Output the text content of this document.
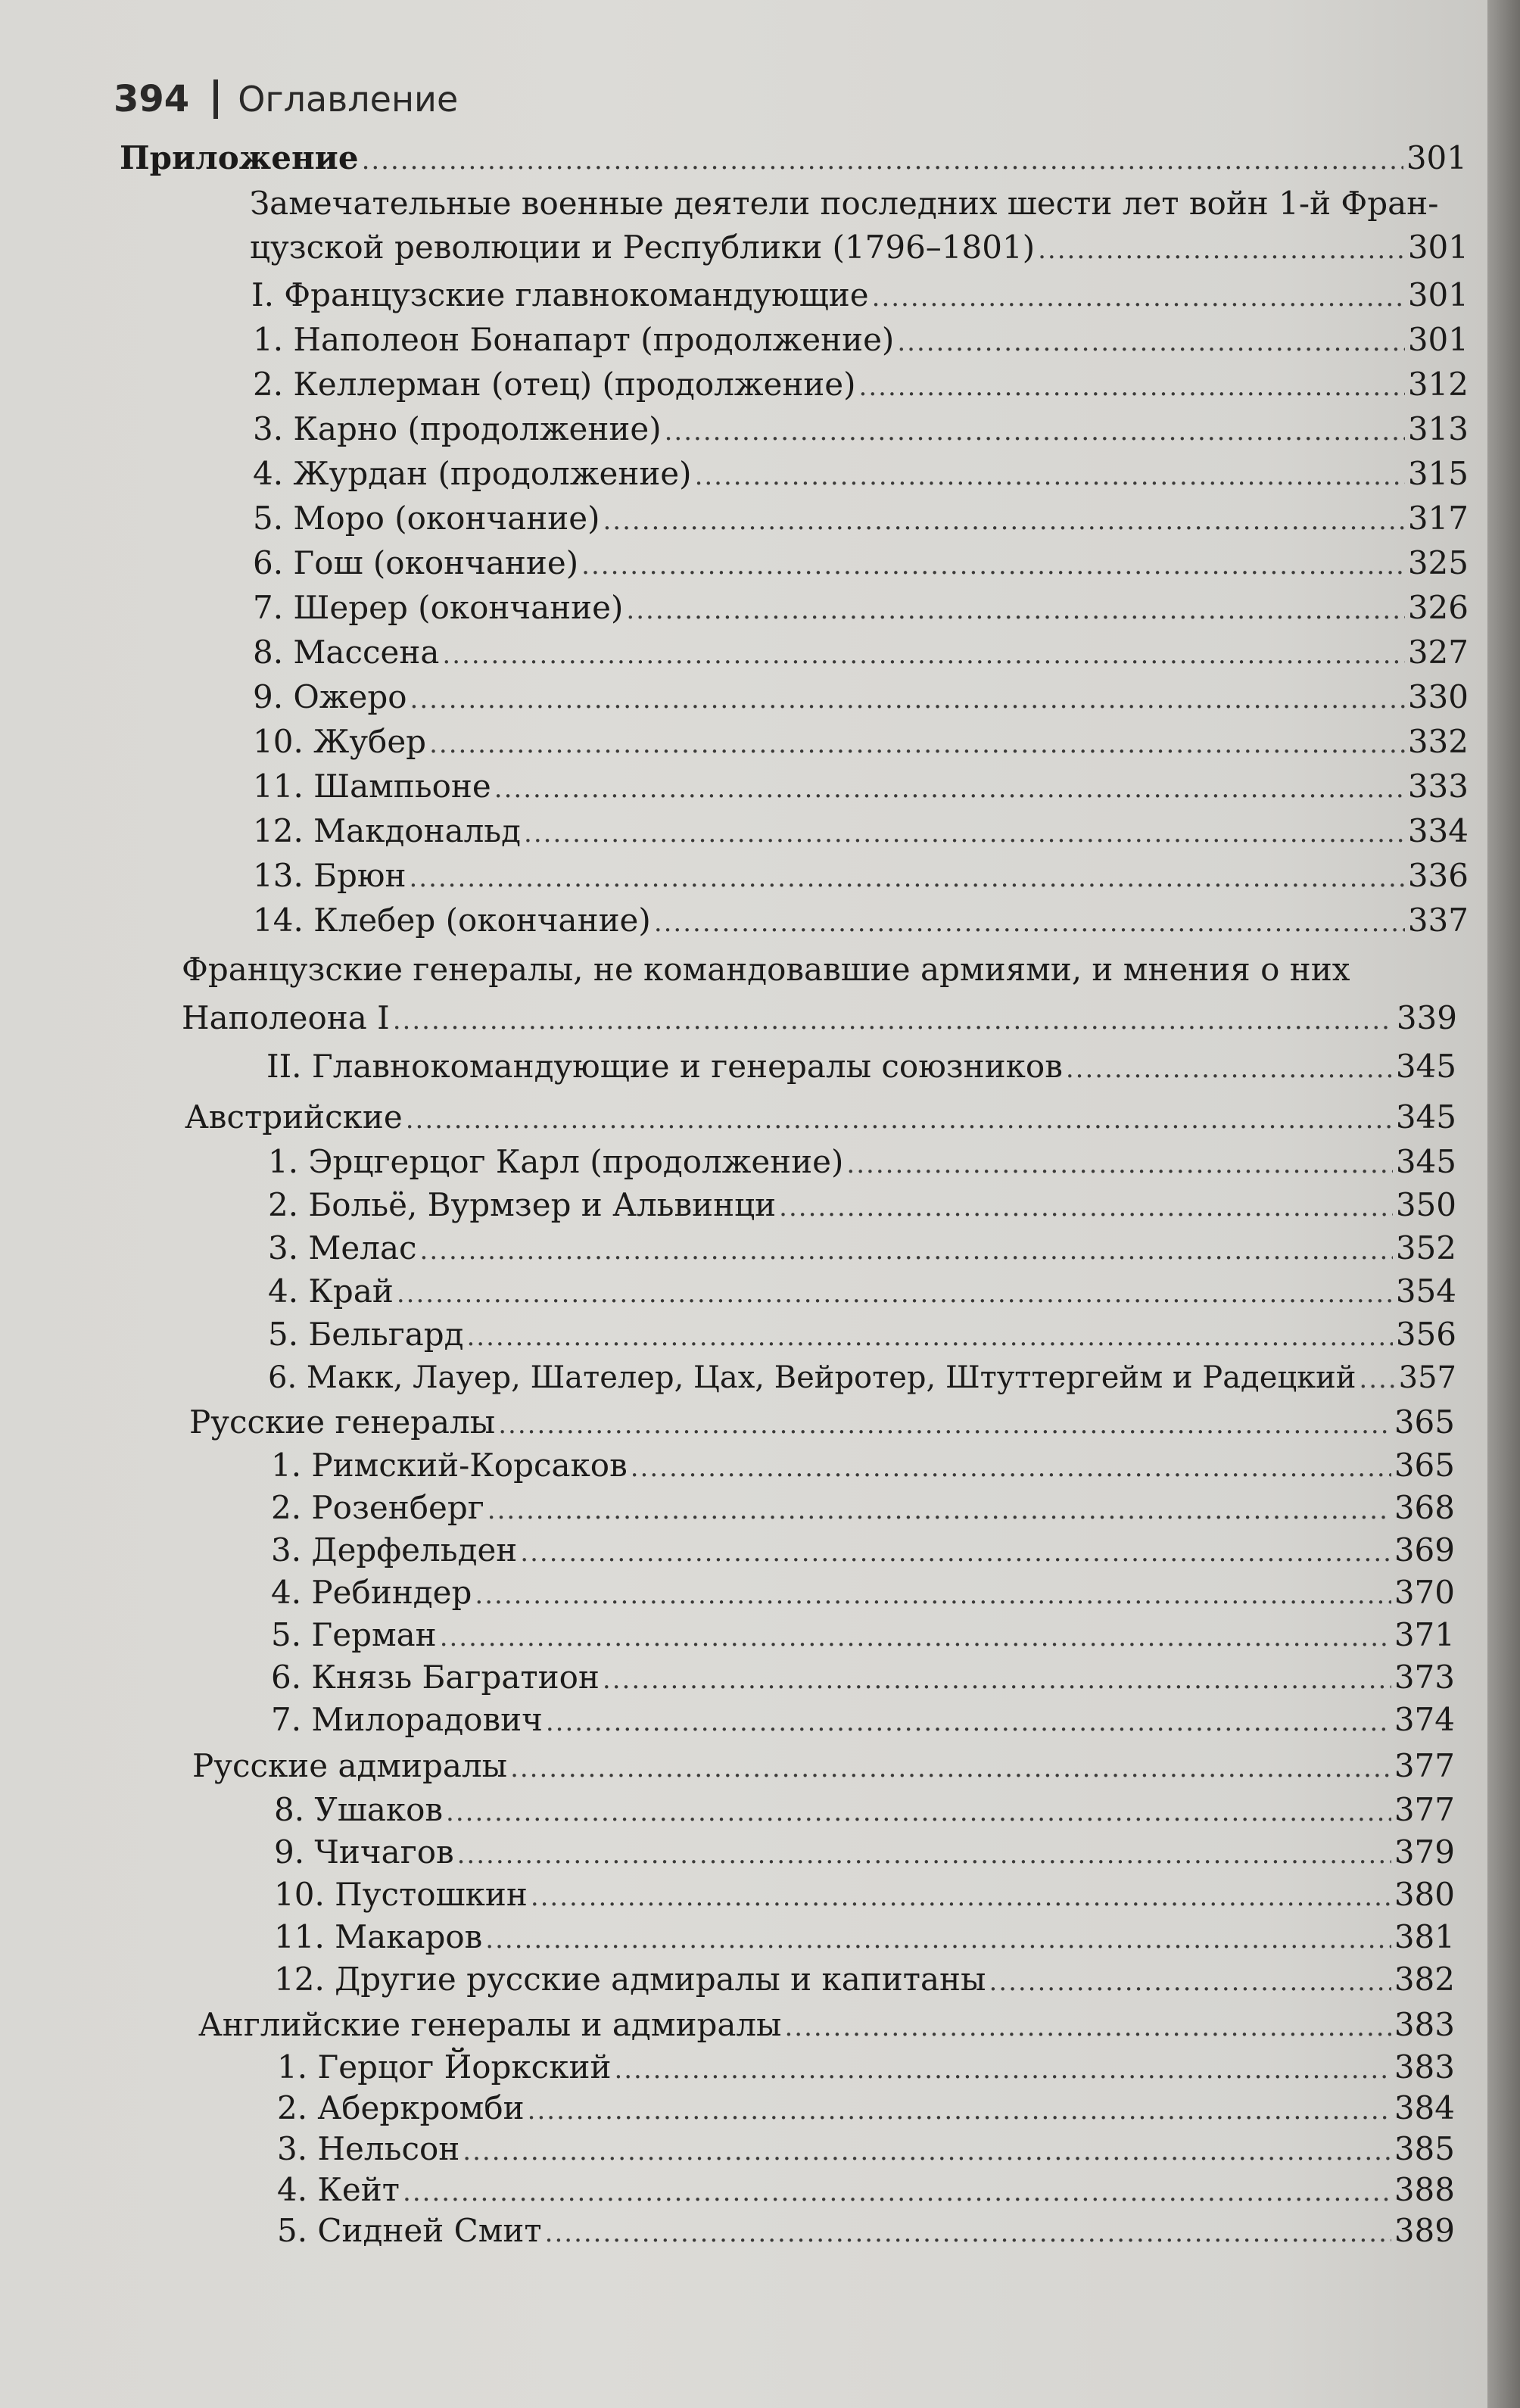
394 Оглавление
Приложение .....	301
Замечательные военные деятели последних шести лет войн 1-й Фран-
цузской революции и Республики (1796–1801) .....	301
I. Французские главнокомандующие .....	301
1. Наполеон Бонапарт (продолжение) .....	301
2. Келлерман (отец) (продолжение) .....	312
3. Карно (продолжение) .....	313
4. Журдан (продолжение) .....	315
5. Моро (окончание) .....	317
6. Гош (окончание) .....	325
7. Шерер (окончание) .....	326
8. Массена .....	327
9. Ожеро .....	330
10. Жубер .....	332
11. Шампьоне .....	333
12. Макдональд .....	334
13. Брюн .....	336
14. Клебер (окончание) .....	337
Французские генералы, не командовавшие армиями, и мнения о них
Наполеона I .....	339
II. Главнокомандующие и генералы союзников .....	345
Австрийские .....	345
1. Эрцгерцог Карл (продолжение) .....	345
2. Больё, Вурмзер и Альвинци .....	350
3. Мелас .....	352
4. Край .....	354
5. Бельгард .....	356
6. Макк, Лауер, Шателер, Цах, Вейротер, Штуттергейм и Радецкий ..... 357
Русские генералы .....	365
1. Римский-Корсаков .....	365
2. Розенберг .....	368
3. Дерфельден .....	369
4. Ребиндер .....	370
5. Герман .....	371
6. Князь Багратион .....	373
7. Милорадович .....	374
Русские адмиралы .....	377
8. Ушаков .....	377
9. Чичагов .....	379
10. Пустошкин .....	380
11. Макаров .....	381
12. Другие русские адмиралы и капитаны .....	382
Английские генералы и адмиралы .....	383
1. Герцог Йоркский .....	383
2. Аберкромби .....	384
3. Нельсон .....	385
4. Кейт .....	388
5. Сидней Смит .....	389
